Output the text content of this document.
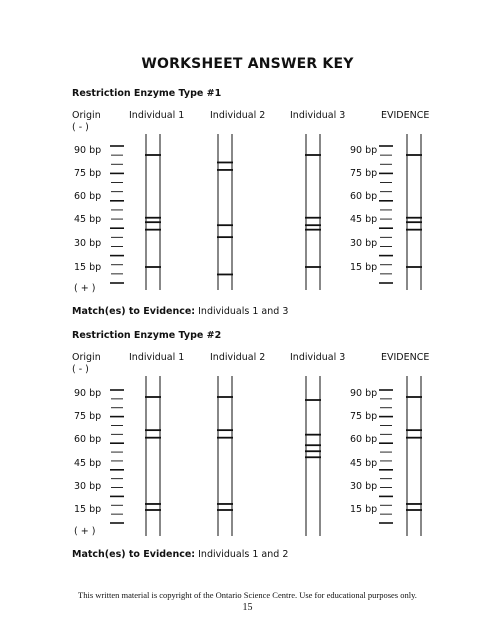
WORKSHEET ANSWER KEY
Restriction Enzyme Type #1
Origin
( - )
Individual 1	Individual 2	Individual 3	EVIDENCE
90 bp
75 bp
60 bp
45 bp
30 bp
15 bp
( + )
90 bp
75 bp
60 bp
45 bp
30 bp
15 bp
Match(es) to Evidence: Individuals 1 and 3
Restriction Enzyme Type #2
Origin
( - )
Individual 1	Individual 2	Individual 3	EVIDENCE
90 bp
75 bp
60 bp
45 bp
30 bp
15 bp
( + )
90 bp
75 bp
60 bp
45 bp
30 bp
15 bp
Match(es) to Evidence: Individuals 1 and 2
This written material is copyright of the Ontario Science Centre. Use for educational purposes only.
15
